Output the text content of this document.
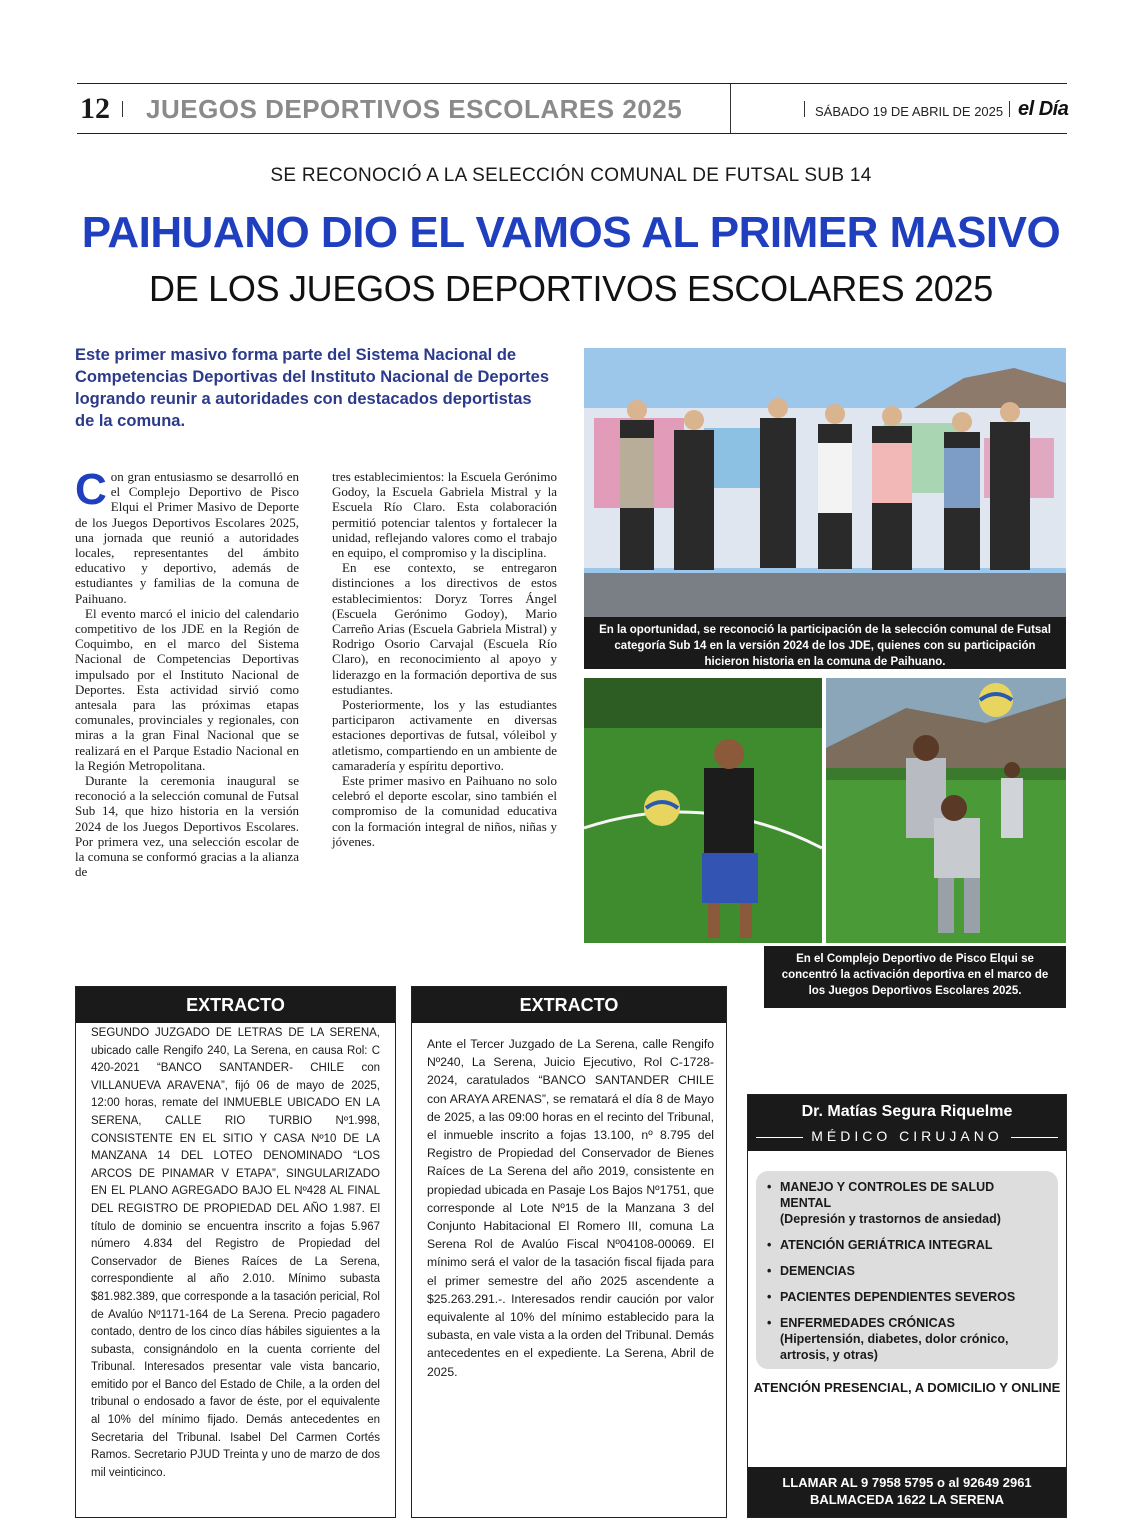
12 JUEGOS DEPORTIVOS ESCOLARES 2025	SÁBADO 19 DE ABRIL DE 2025 el Día
SE RECONOCIÓ A LA SELECCIÓN COMUNAL DE FUTSAL SUB 14
PAIHUANO DIO EL VAMOS AL PRIMER MASIVO
DE LOS JUEGOS DEPORTIVOS ESCOLARES 2025
Este primer masivo forma parte del Sistema Nacional de Competencias Deportivas del Instituto Nacional de Deportes logrando reunir a autoridades con destacados deportistas de la comuna.
C on gran entusiasmo se desarrolló en el Complejo Deportivo de Pisco Elqui el Primer Masivo de Deporte de los Juegos Deportivos Escolares 2025, una jornada que reunió a autoridades locales, representantes del ámbito educativo y deportivo, además de estudiantes y familias de la comuna de Paihuano.

El evento marcó el inicio del calendario competitivo de los JDE en la Región de Coquimbo, en el marco del Sistema Nacional de Competencias Deportivas impulsado por el Instituto Nacional de Deportes. Esta actividad sirvió como antesala para las próximas etapas comunales, provinciales y regionales, con miras a la gran Final Nacional que se realizará en el Parque Estadio Nacional en la Región Metropolitana.

Durante la ceremonia inaugural se reconoció a la selección comunal de Futsal Sub 14, que hizo historia en la versión 2024 de los Juegos Deportivos Escolares. Por primera vez, una selección escolar de la comuna se conformó gracias a la alianza de

tres establecimientos: la Escuela Gerónimo Godoy, la Escuela Gabriela Mistral y la Escuela Río Claro. Esta colaboración permitió potenciar talentos y fortalecer la unidad, reflejando valores como el trabajo en equipo, el compromiso y la disciplina.

En ese contexto, se entregaron distinciones a los directivos de estos establecimientos: Doryz Torres Ángel (Escuela Gerónimo Godoy), Mario Carreño Arias (Escuela Gabriela Mistral) y Rodrigo Osorio Carvajal (Escuela Río Claro), en reconocimiento al apoyo y liderazgo en la formación deportiva de sus estudiantes.

Posteriormente, los y las estudiantes participaron activamente en diversas estaciones deportivas de futsal, vóleibol y atletismo, compartiendo en un ambiente de camaradería y espíritu deportivo.

Este primer masivo en Paihuano no solo celebró el deporte escolar, sino también el compromiso de la comunidad educativa con la formación integral de niños, niñas y jóvenes.

En la oportunidad, se reconoció la participación de la selección comunal de Futsal categoría Sub 14 en la versión 2024 de los JDE, quienes con su participación hicieron historia en la comuna de Paihuano.
En el Complejo Deportivo de Pisco Elqui se concentró la activación deportiva en el marco de los Juegos Deportivos Escolares 2025.
EXTRACTO
SEGUNDO JUZGADO DE LETRAS DE LA SERENA, ubicado calle Rengifo 240, La Serena, en causa Rol: C 420-2021 “BANCO SANTANDER- CHILE con VILLANUEVA ARAVENA”, fijó 06 de mayo de 2025, 12:00 horas, remate del INMUEBLE UBICADO EN LA SERENA, CALLE RIO TURBIO Nº1.998, CONSISTENTE EN EL SITIO Y CASA Nº10 DE LA MANZANA 14 DEL LOTEO DENOMINADO “LOS ARCOS DE PINAMAR V ETAPA”, SINGULARIZADO EN EL PLANO AGREGADO BAJO EL Nº428 AL FINAL DEL REGISTRO DE PROPIEDAD DEL AÑO 1.987. El título de dominio se encuentra inscrito a fojas 5.967 número 4.834 del Registro de Propiedad del Conservador de Bienes Raíces de La Serena, correspondiente al año 2.010. Mínimo subasta $81.982.389, que corresponde a la tasación pericial, Rol de Avalúo Nº1171-164 de La Serena. Precio pagadero contado, dentro de los cinco días hábiles siguientes a la subasta, consignándolo en la cuenta corriente del Tribunal. Interesados presentar vale vista bancario, emitido por el Banco del Estado de Chile, a la orden del tribunal o endosado a favor de éste, por el equivalente al 10% del mínimo fijado. Demás antecedentes en Secretaria del Tribunal. Isabel Del Carmen Cortés Ramos. Secretario PJUD Treinta y uno de marzo de dos mil veinticinco.
EXTRACTO
Ante el Tercer Juzgado de La Serena, calle Rengifo Nº240, La Serena, Juicio Ejecutivo, Rol C-1728-2024, caratulados “BANCO SANTANDER CHILE con ARAYA ARENAS”, se rematará el día 8 de Mayo de 2025, a las 09:00 horas en el recinto del Tribunal, el inmueble inscrito a fojas 13.100, nº 8.795 del Registro de Propiedad del Conservador de Bienes Raíces de La Serena del año 2019, consistente en propiedad ubicada en Pasaje Los Bajos Nº1751, que corresponde al Lote Nº15 de la Manzana 3 del Conjunto Habitacional El Romero III, comuna La Serena Rol de Avalúo Fiscal Nº04108-00069. El mínimo será el valor de la tasación fiscal fijada para el primer semestre del año 2025 ascendente a $25.263.291.-. Interesados rendir caución por valor equivalente al 10% del mínimo establecido para la subasta, en vale vista a la orden del Tribunal. Demás antecedentes en el expediente. La Serena, Abril de 2025.
Dr. Matías Segura Riquelme
MÉDICO CIRUJANO
• MANEJO Y CONTROLES DE SALUD MENTAL
(Depresión y trastornos de ansiedad)
• ATENCIÓN GERIÁTRICA INTEGRAL
• DEMENCIAS
• PACIENTES DEPENDIENTES SEVEROS
• ENFERMEDADES CRÓNICAS
(Hipertensión, diabetes, dolor crónico, artrosis, y otras)
ATENCIÓN PRESENCIAL, A DOMICILIO Y ONLINE
LLAMAR AL 9 7958 5795 o al 92649 2961
BALMACEDA 1622 LA SERENA
